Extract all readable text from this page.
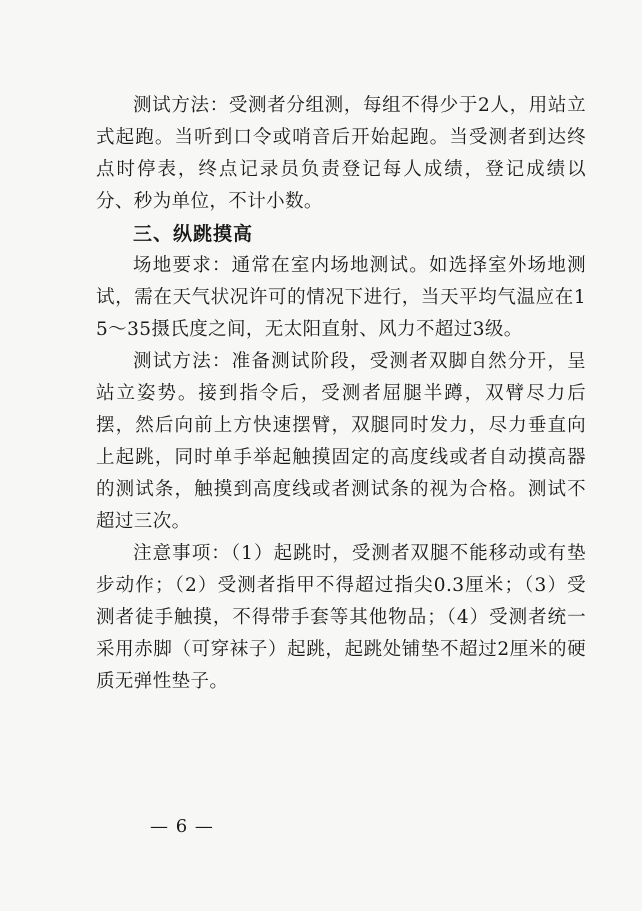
测试方法：受测者分组测，每组不得少于2人，用站立式起跑。当听到口令或哨音后开始起跑。当受测者到达终点时停表，终点记录员负责登记每人成绩，登记成绩以分、秒为单位，不计小数。

三、纵跳摸高

场地要求：通常在室内场地测试。如选择室外场地测试，需在天气状况许可的情况下进行，当天平均气温应在15～35摄氏度之间，无太阳直射、风力不超过3级。

测试方法：准备测试阶段，受测者双脚自然分开，呈站立姿势。接到指令后，受测者屈腿半蹲，双臂尽力后摆，然后向前上方快速摆臂，双腿同时发力，尽力垂直向上起跳，同时单手举起触摸固定的高度线或者自动摸高器的测试条，触摸到高度线或者测试条的视为合格。测试不超过三次。

注意事项：（1）起跳时，受测者双腿不能移动或有垫步动作；（2）受测者指甲不得超过指尖0.3厘米；（3）受测者徒手触摸，不得带手套等其他物品；（4）受测者统一采用赤脚（可穿袜子）起跳，起跳处铺垫不超过2厘米的硬质无弹性垫子。

— 6 —
